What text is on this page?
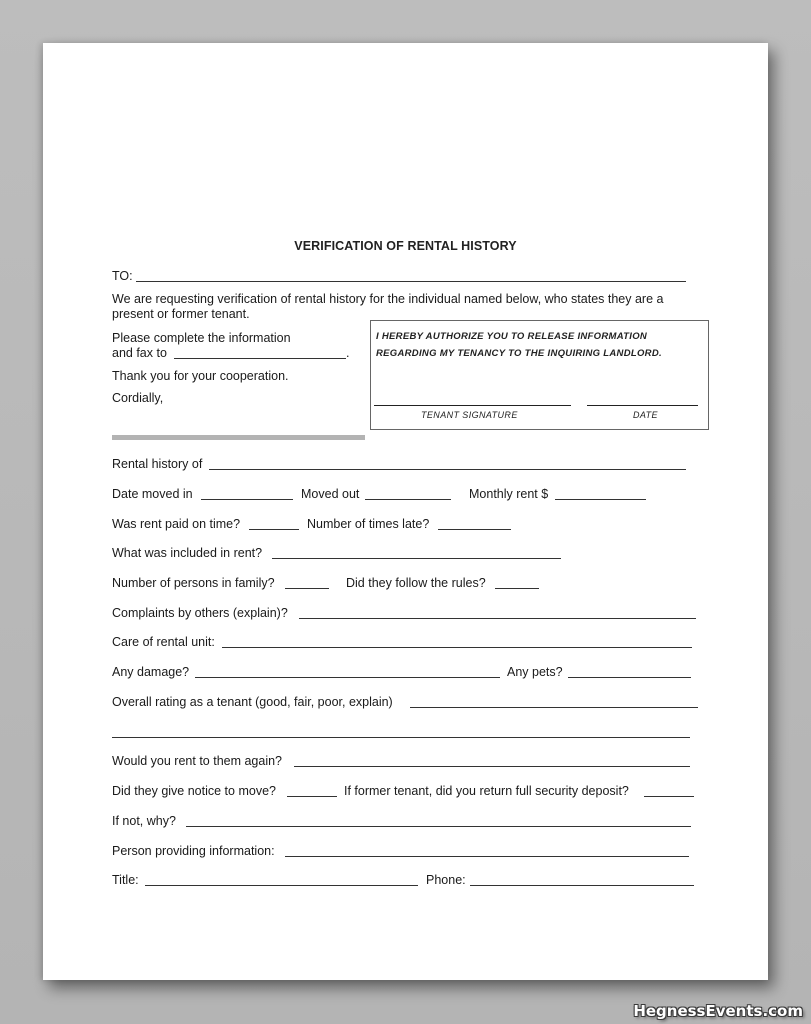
VERIFICATION OF RENTAL HISTORY
TO:
We are requesting verification of rental history for the individual named below, who states they are a
present or former tenant.
Please complete the information
and fax to	.
Thank you for your cooperation.
Cordially,
I HEREBY AUTHORIZE YOU TO RELEASE INFORMATION
REGARDING MY TENANCY TO THE INQUIRING LANDLORD.
TENANT SIGNATURE	DATE
Rental history of
Date moved in	Moved out	Monthly rent $
Was rent paid on time?	Number of times late?
What was included in rent?
Number of persons in family?	Did they follow the rules?
Complaints by others (explain)?
Care of rental unit:
Any damage?	Any pets?
Overall rating as a tenant (good, fair, poor, explain)
Would you rent to them again?
Did they give notice to move?	If former tenant, did you return full security deposit?
If not, why?
Person providing information:
Title:	Phone:
HegnessEvents.com
